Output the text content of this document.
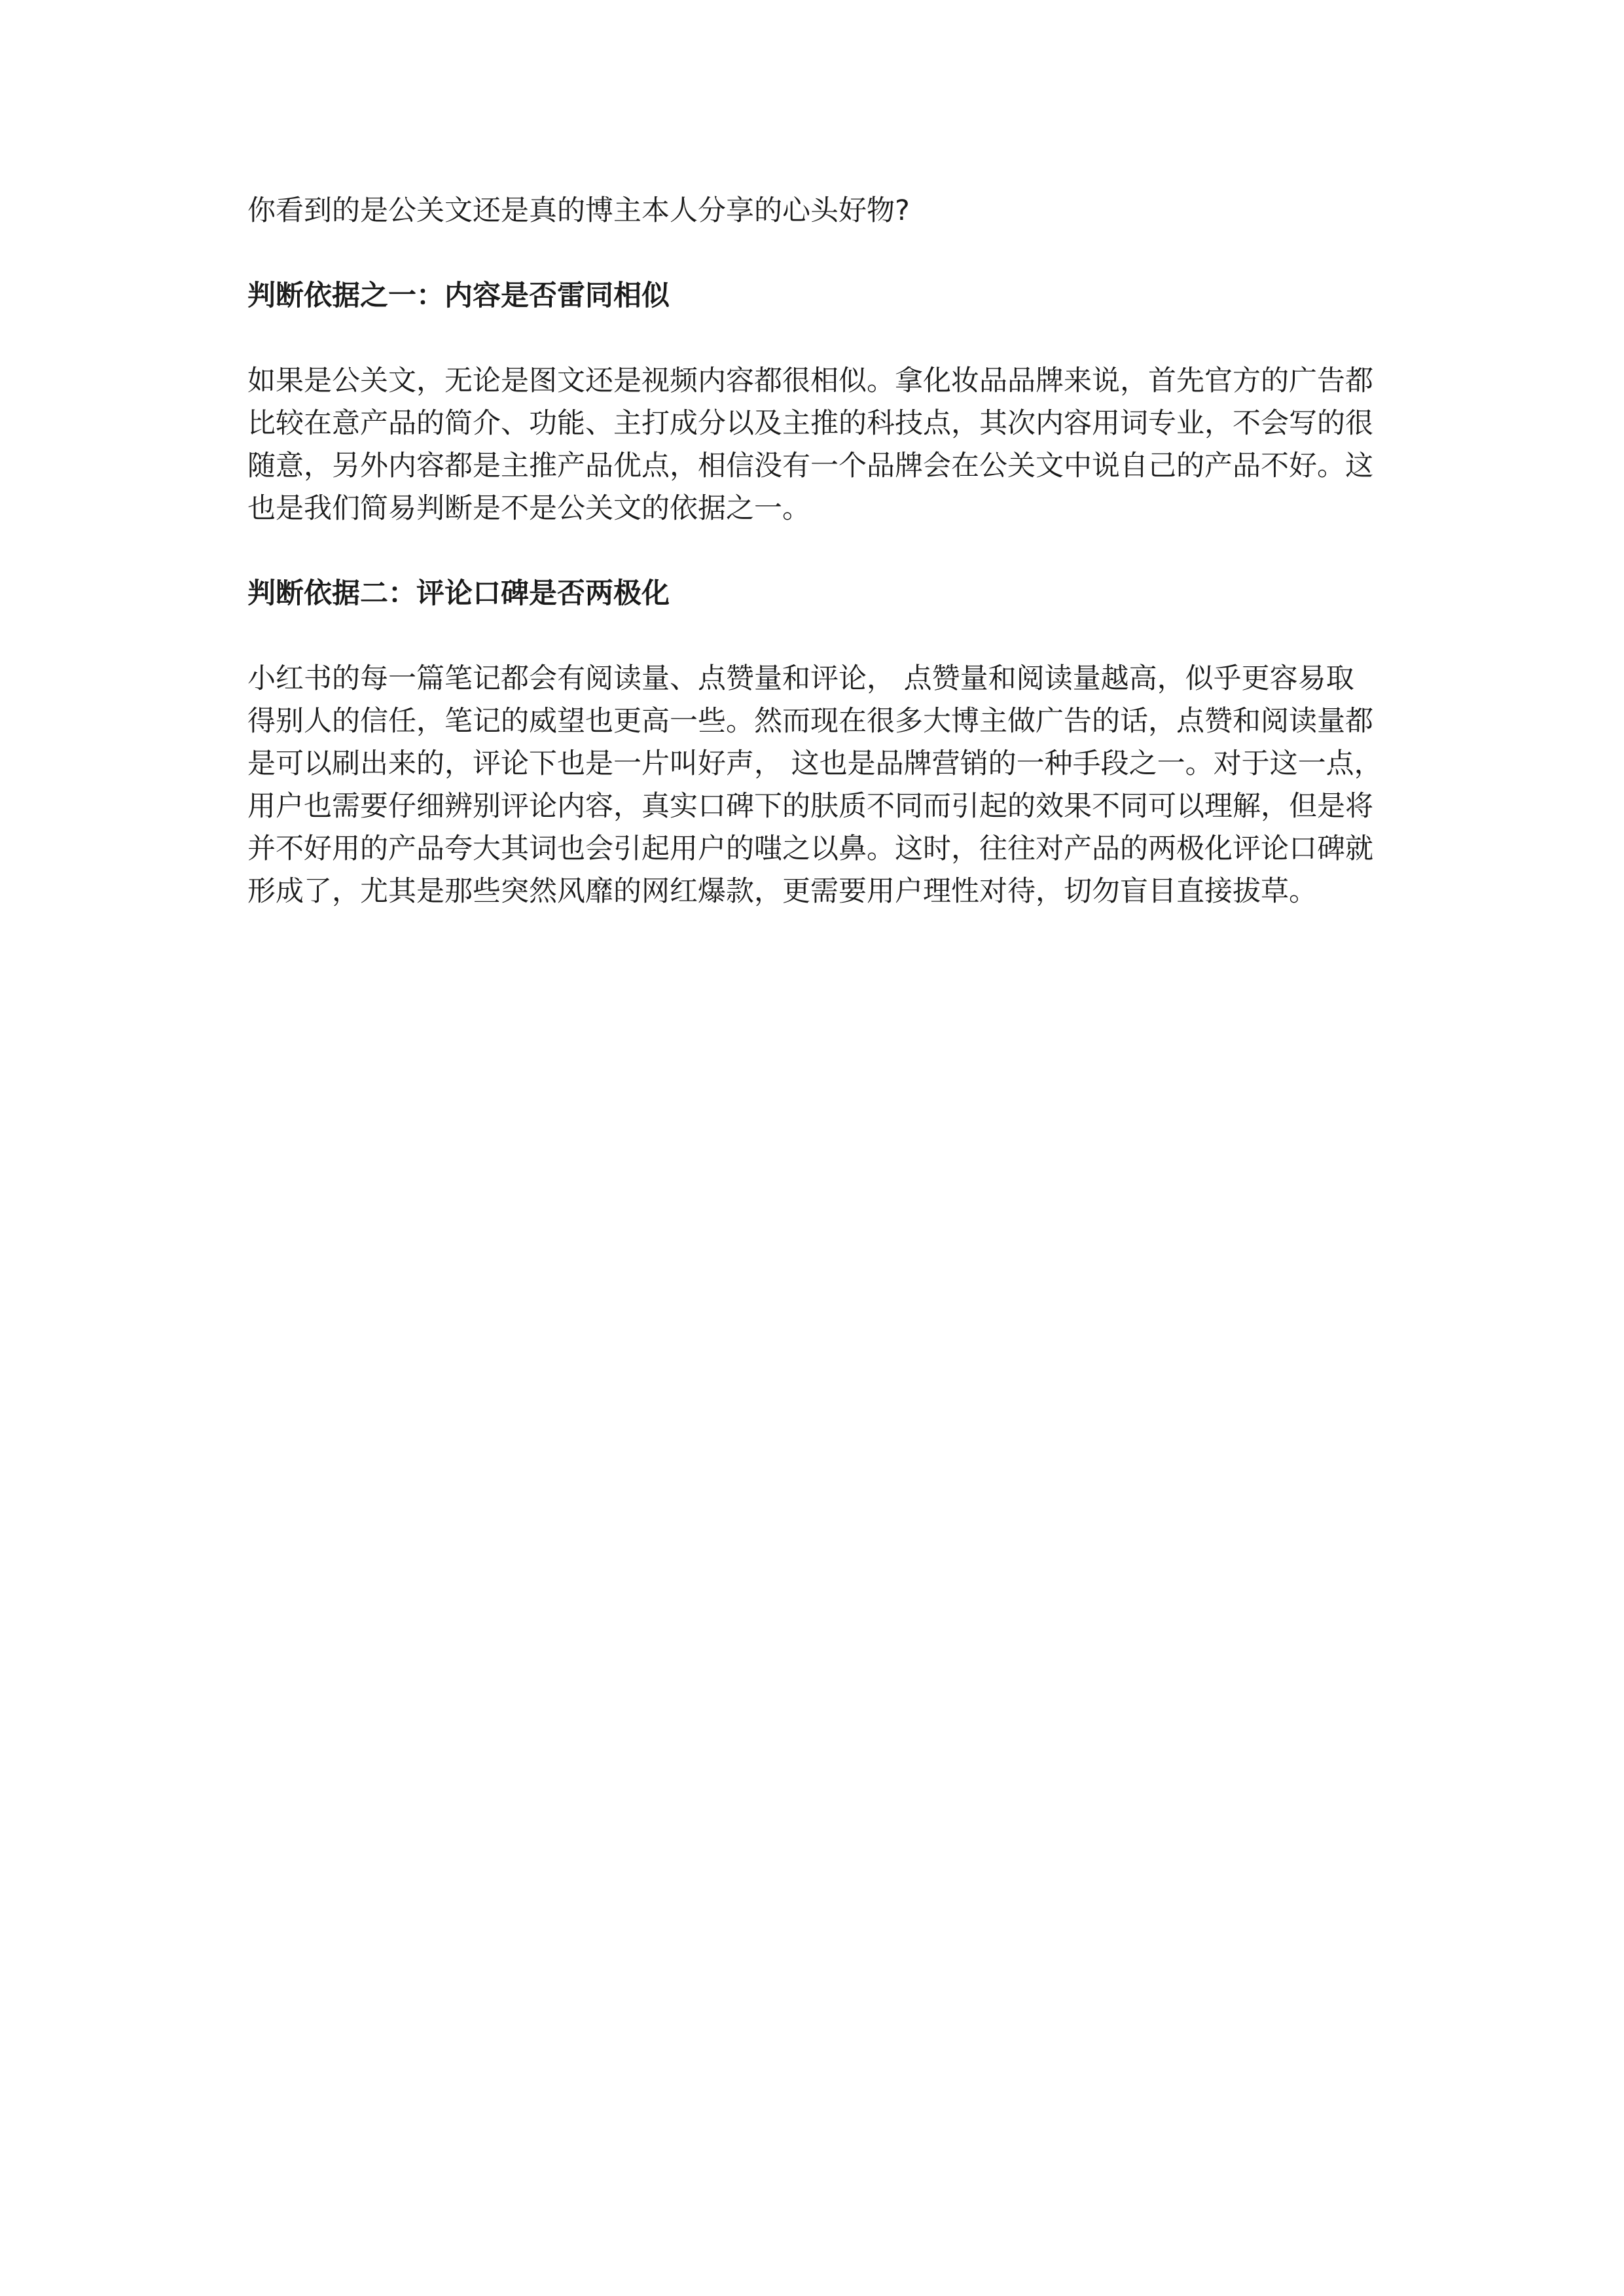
你看到的是公关文还是真的博主本人分享的心头好物?

判断依据之一：内容是否雷同相似

如果是公关文，无论是图文还是视频内容都很相似。拿化妆品品牌来说，首先官方的广告都

比较在意产品的简介、功能、主打成分以及主推的科技点，其次内容用词专业，不会写的很

随意，另外内容都是主推产品优点，相信没有一个品牌会在公关文中说自己的产品不好。这

也是我们简易判断是不是公关文的依据之一。

判断依据二：评论口碑是否两极化

小红书的每一篇笔记都会有阅读量、点赞量和评论， 点赞量和阅读量越高，似乎更容易取

得别人的信任，笔记的威望也更高一些。然而现在很多大博主做广告的话，点赞和阅读量都

是可以刷出来的，评论下也是一片叫好声， 这也是品牌营销的一种手段之一。对于这一点，

用户也需要仔细辨别评论内容，真实口碑下的肤质不同而引起的效果不同可以理解，但是将

并不好用的产品夸大其词也会引起用户的嗤之以鼻。这时，往往对产品的两极化评论口碑就

形成了，尤其是那些突然风靡的网红爆款，更需要用户理性对待，切勿盲目直接拔草。
